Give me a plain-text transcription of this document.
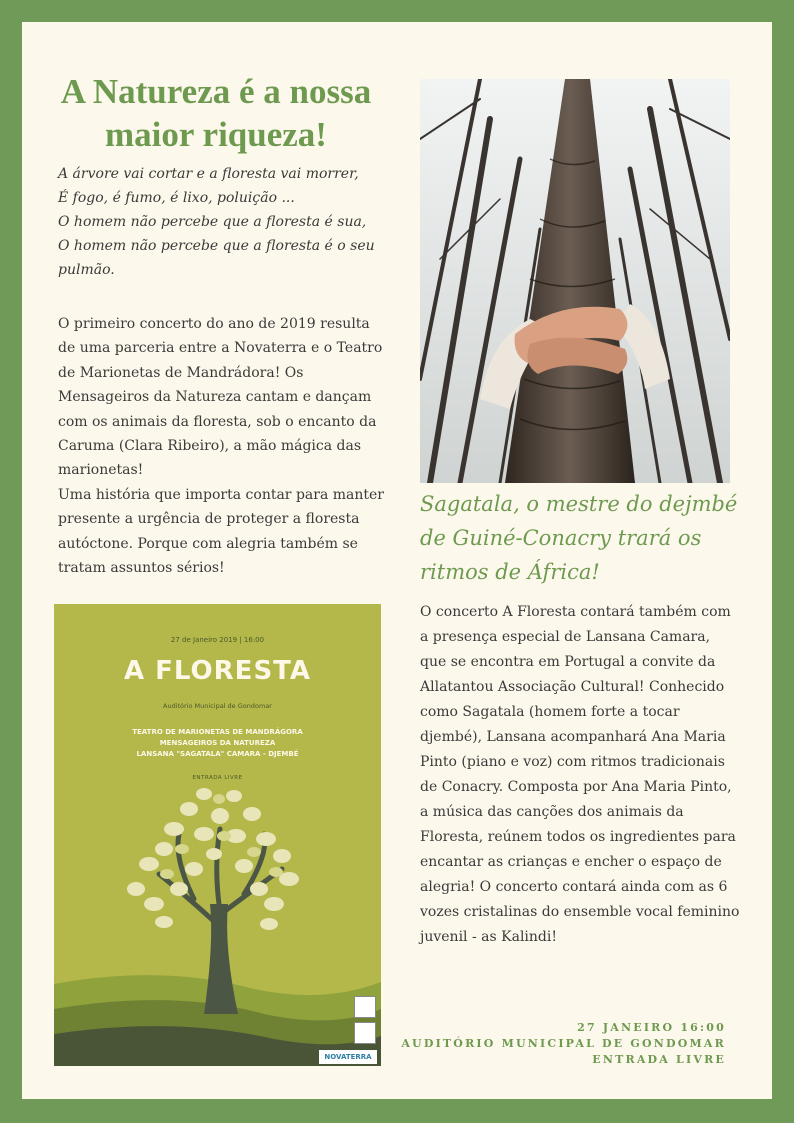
A Natureza é a nossa maior riqueza!
A árvore vai cortar e a floresta vai morrer,
É fogo, é fumo, é lixo, poluição ...
O homem não percebe que a floresta é sua,
O homem não percebe que a floresta é o seu pulmão.

O primeiro concerto do ano de 2019 resulta de uma parceria entre a Novaterra e o Teatro de Marionetas de Mandrádora! Os Mensageiros da Natureza cantam e dançam com os animais da floresta, sob o encanto da Caruma (Clara Ribeiro), a mão mágica das marionetas!

Uma história que importa contar para manter presente a urgência de proteger a floresta autóctone. Porque com alegria também se tratam assuntos sérios!

Sagatala, o mestre do dejmbé de Guiné-Conacry trará os ritmos de África!
O concerto A Floresta contará também com a presença especial de Lansana Camara, que se encontra em Portugal a convite da Allatantou Associação Cultural! Conhecido como Sagatala (homem forte a tocar djembé), Lansana acompanhará Ana Maria Pinto (piano e voz) com ritmos tradicionais de Conacry. Composta por Ana Maria Pinto, a música das canções dos animais da Floresta, reúnem todos os ingredientes para encantar as crianças e encher o espaço de alegria! O concerto contará ainda com as 6 vozes cristalinas do ensemble vocal feminino juvenil - as Kalindi!
27 de Janeiro 2019 | 16:00
A FLORESTA
Auditório Municipal de Gondomar
TEATRO DE MARIONETAS DE MANDRÁGORA
MENSAGEIROS DA NATUREZA
LANSANA "SAGATALA" CAMARA - DJEMBÉ
ENTRADA LIVRE
NOVATERRA
27 JANEIRO 16:00
AUDITÓRIO MUNICIPAL DE GONDOMAR
ENTRADA LIVRE
